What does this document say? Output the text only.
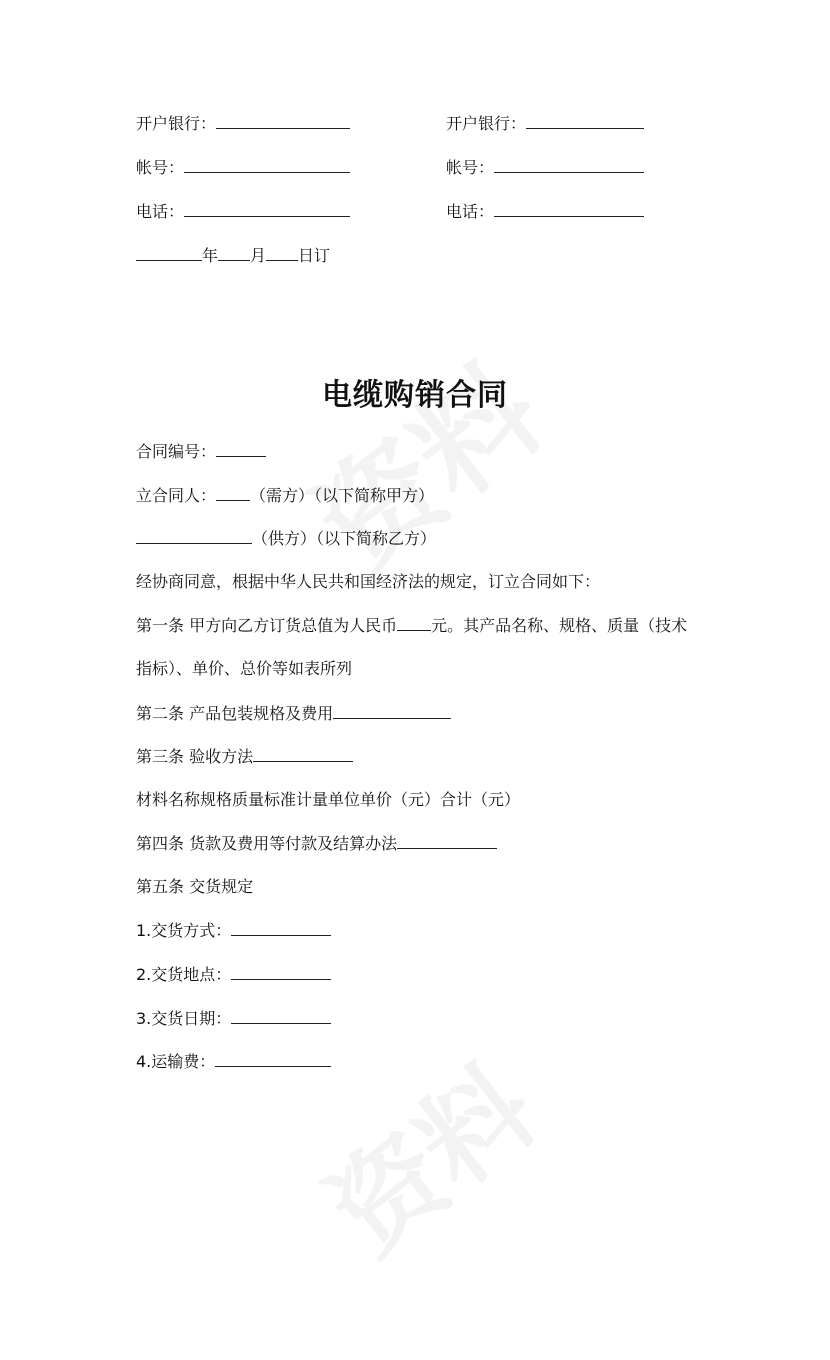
开户银行：
帐号：
电话：
开户银行：
帐号：
电话：
年 月 日订
电缆购销合同
合同编号：
立合同人： （需方）（以下简称甲方）
（供方）（以下简称乙方）
经协商同意，根据中华人民共和国经济法的规定，订立合同如下：
第一条 甲方向乙方订货总值为人民币 元。其产品名称、规格、质量（技术
指标）、单价、总价等如表所列
第二条 产品包装规格及费用
第三条 验收方法
材料名称规格质量标准计量单位单价（元）合计（元）
第四条 货款及费用等付款及结算办法
第五条 交货规定
1.交货方式：
2.交货地点：
3.交货日期：
4.运输费：
